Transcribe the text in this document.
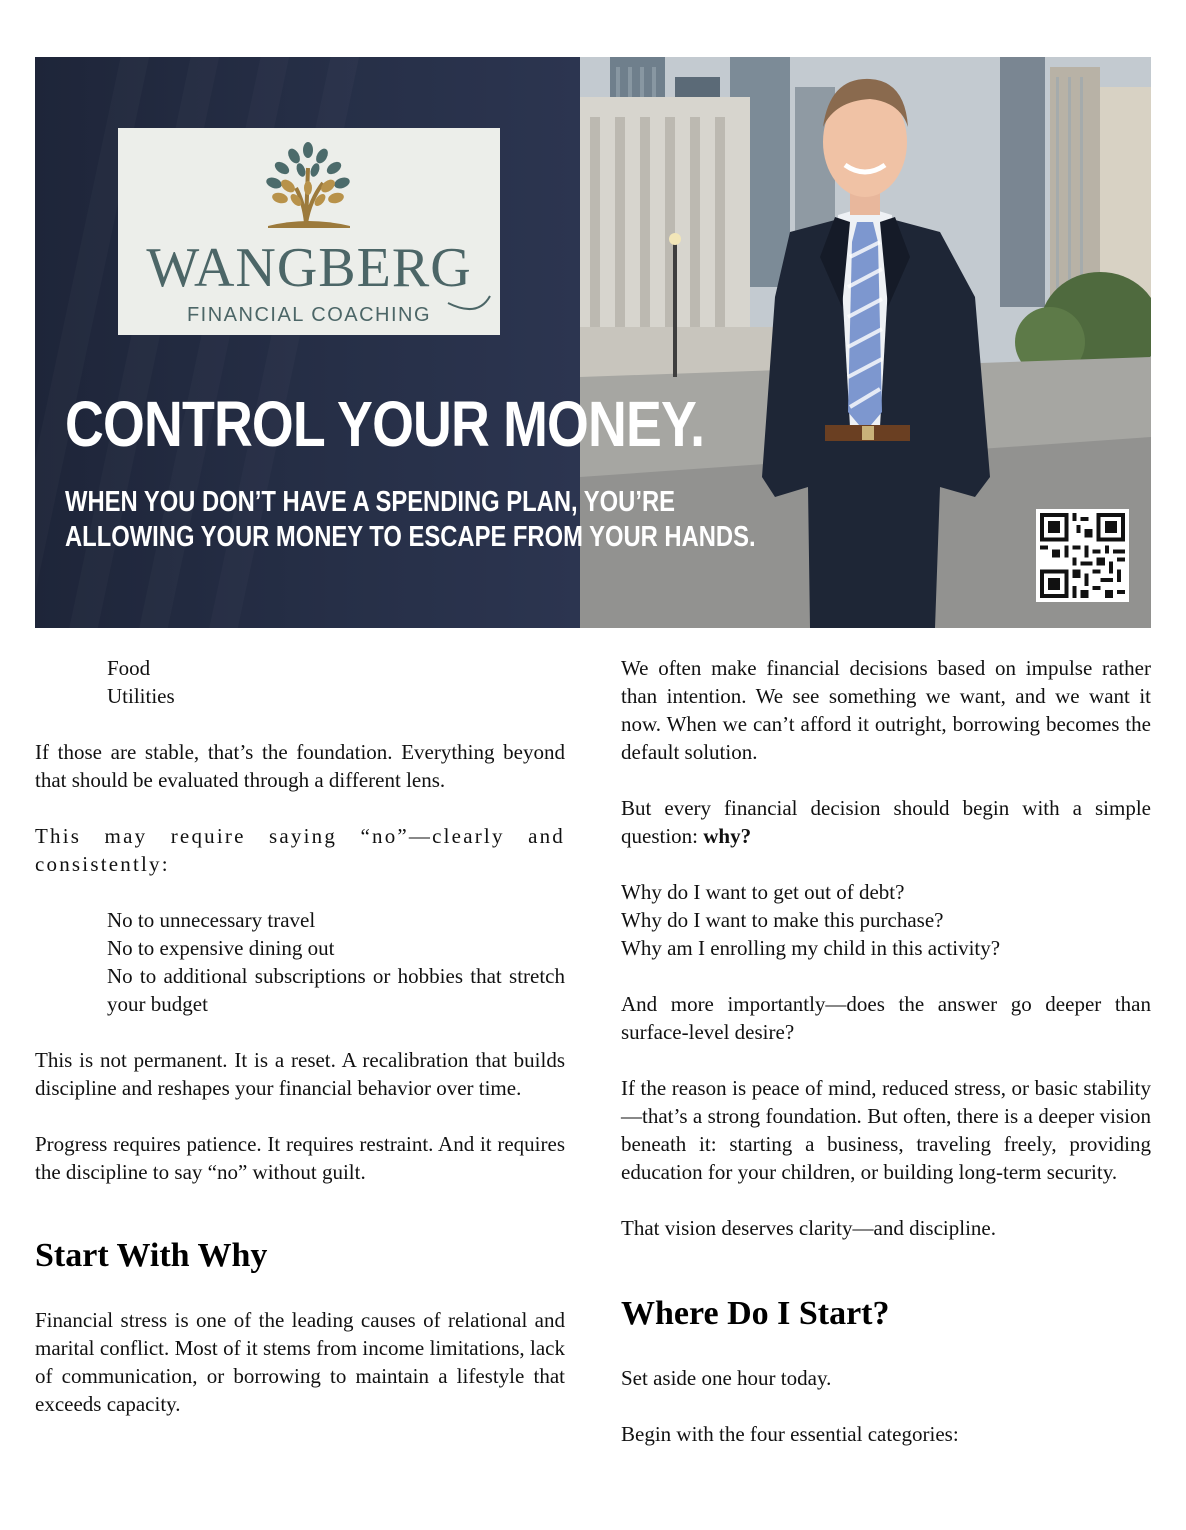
WANGBERG
FINANCIAL COACHING
CONTROL YOUR MONEY.
WHEN YOU DON’T HAVE A SPENDING PLAN, YOU’RE
ALLOWING YOUR MONEY TO ESCAPE FROM YOUR HANDS.

Food

Utilities

If those are stable, that’s the foundation. Everything beyond that should be evaluated through a different lens.

This may require saying “no”—clearly and consistently:

No to unnecessary travel

No to expensive dining out

No to additional subscriptions or hobbies that stretch your budget

This is not permanent. It is a reset. A recalibration that builds discipline and reshapes your financial behavior over time.

Progress requires patience. It requires restraint. And it requires the discipline to say “no” without guilt.

Start With Why

Financial stress is one of the leading causes of relational and marital conflict. Most of it stems from income limitations, lack of communication, or borrowing to maintain a lifestyle that exceeds capacity.

We often make financial decisions based on impulse rather than intention. We see something we want, and we want it now. When we can’t afford it outright, borrowing becomes the default solution.

But every financial decision should begin with a simple question: why?

Why do I want to get out of debt?

Why do I want to make this purchase?

Why am I enrolling my child in this activity?

And more importantly—does the answer go deeper than surface-level desire?

If the reason is peace of mind, reduced stress, or basic stability—that’s a strong foundation. But often, there is a deeper vision beneath it: starting a business, traveling freely, providing education for your children, or building long-term security.

That vision deserves clarity—and discipline.

Where Do I Start?

Set aside one hour today.

Begin with the four essential categories:
